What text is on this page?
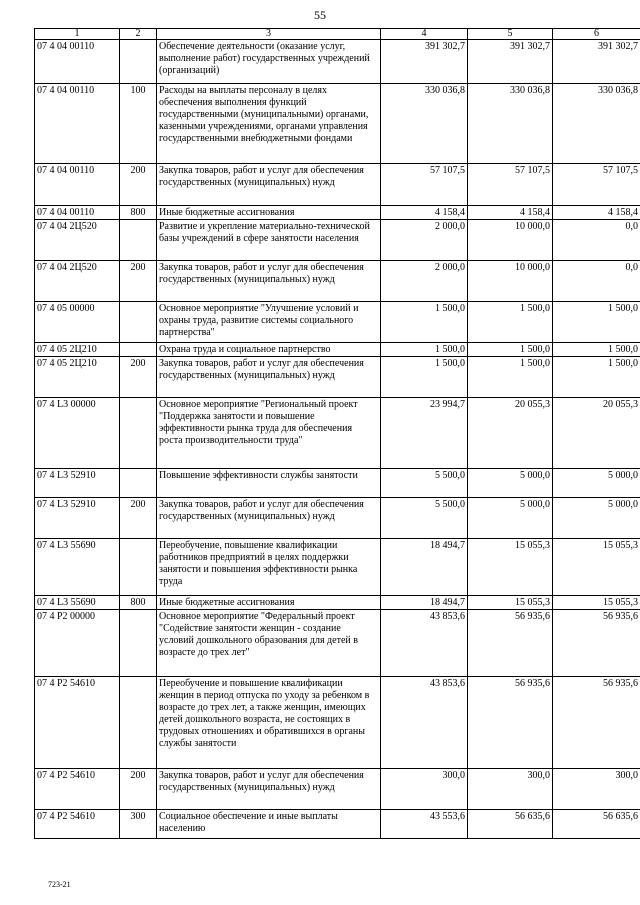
55
1	2	3	4	5	6
07 4 04 00110		Обеспечение деятельности (оказание услуг, выполнение работ) государственных учреждений (организаций)	391 302,7	391 302,7	391 302,7
07 4 04 00110	100	Расходы на выплаты персоналу в целях обеспечения выполнения функций государственными (муниципальными) органами, казенными учреждениями, органами управления государственными внебюджетными фондами	330 036,8	330 036,8	330 036,8
07 4 04 00110	200	Закупка товаров, работ и услуг для обеспечения государственных (муниципальных) нужд	57 107,5	57 107,5	57 107,5
07 4 04 00110	800	Иные бюджетные ассигнования	4 158,4	4 158,4	4 158,4
07 4 04 2Ц520		Развитие и укрепление материально-технической базы учреждений в сфере занятости населения	2 000,0	10 000,0	0,0
07 4 04 2Ц520	200	Закупка товаров, работ и услуг для обеспечения государственных (муниципальных) нужд	2 000,0	10 000,0	0,0
07 4 05 00000		Основное мероприятие "Улучшение условий и охраны труда, развитие системы социального партнерства"	1 500,0	1 500,0	1 500,0
07 4 05 2Ц210		Охрана труда и социальное партнерство	1 500,0	1 500,0	1 500,0
07 4 05 2Ц210	200	Закупка товаров, работ и услуг для обеспечения государственных (муниципальных) нужд	1 500,0	1 500,0	1 500,0
07 4 L3 00000		Основное мероприятие "Региональный проект "Поддержка занятости и повышение эффективности рынка труда для обеспечения роста производительности труда"	23 994,7	20 055,3	20 055,3
07 4 L3 52910		Повышение эффективности службы занятости	5 500,0	5 000,0	5 000,0
07 4 L3 52910	200	Закупка товаров, работ и услуг для обеспечения государственных (муниципальных) нужд	5 500,0	5 000,0	5 000,0
07 4 L3 55690		Переобучение, повышение квалификации работников предприятий в целях поддержки занятости и повышения эффективности рынка труда	18 494,7	15 055,3	15 055,3
07 4 L3 55690	800	Иные бюджетные ассигнования	18 494,7	15 055,3	15 055,3
07 4 P2 00000		Основное мероприятие "Федеральный проект "Содействие занятости женщин - создание условий дошкольного образования для детей в возрасте до трех лет"	43 853,6	56 935,6	56 935,6
07 4 P2 54610		Переобучение и повышение квалификации женщин в период отпуска по уходу за ребенком в возрасте до трех лет, а также женщин, имеющих детей дошкольного возраста, не состоящих в трудовых отношениях и обратившихся в органы службы занятости	43 853,6	56 935,6	56 935,6
07 4 P2 54610	200	Закупка товаров, работ и услуг для обеспечения государственных (муниципальных) нужд	300,0	300,0	300,0
07 4 P2 54610	300	Социальное обеспечение и иные выплаты населению	43 553,6	56 635,6	56 635,6
723-21
